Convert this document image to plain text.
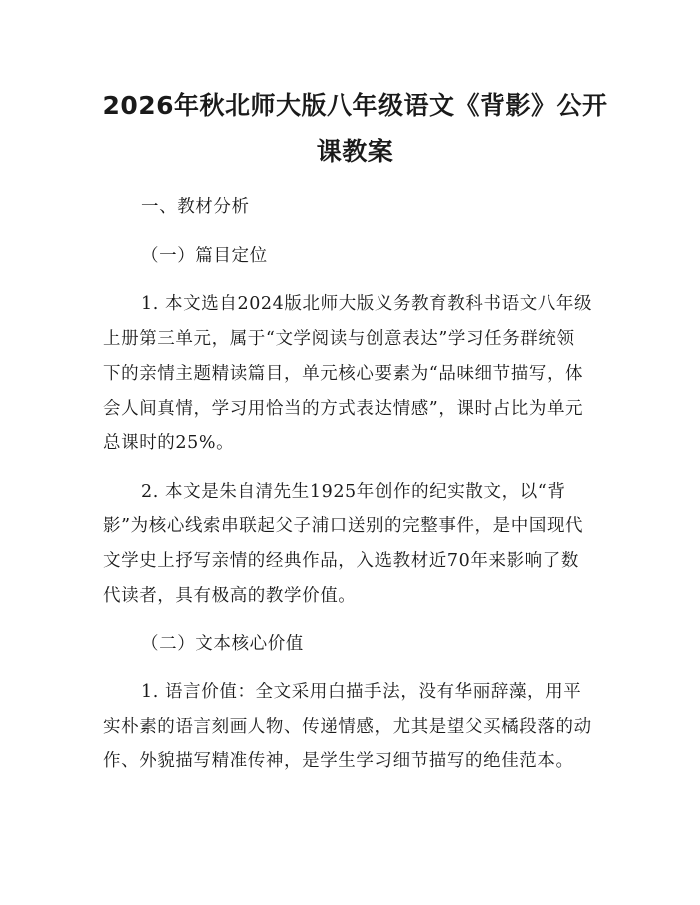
2026年秋北师大版八年级语文《背影》公开
课教案
一、教材分析
（一）篇目定位
1. 本文选自2024版北师大版义务教育教科书语文八年级
上册第三单元，属于“文学阅读与创意表达”学习任务群统领
下的亲情主题精读篇目，单元核心要素为“品味细节描写，体
会人间真情，学习用恰当的方式表达情感”，课时占比为单元
总课时的25%。
2. 本文是朱自清先生1925年创作的纪实散文，以“背
影”为核心线索串联起父子浦口送别的完整事件，是中国现代
文学史上抒写亲情的经典作品，入选教材近70年来影响了数
代读者，具有极高的教学价值。
（二）文本核心价值
1. 语言价值：全文采用白描手法，没有华丽辞藻，用平
实朴素的语言刻画人物、传递情感，尤其是望父买橘段落的动
作、外貌描写精准传神，是学生学习细节描写的绝佳范本。
